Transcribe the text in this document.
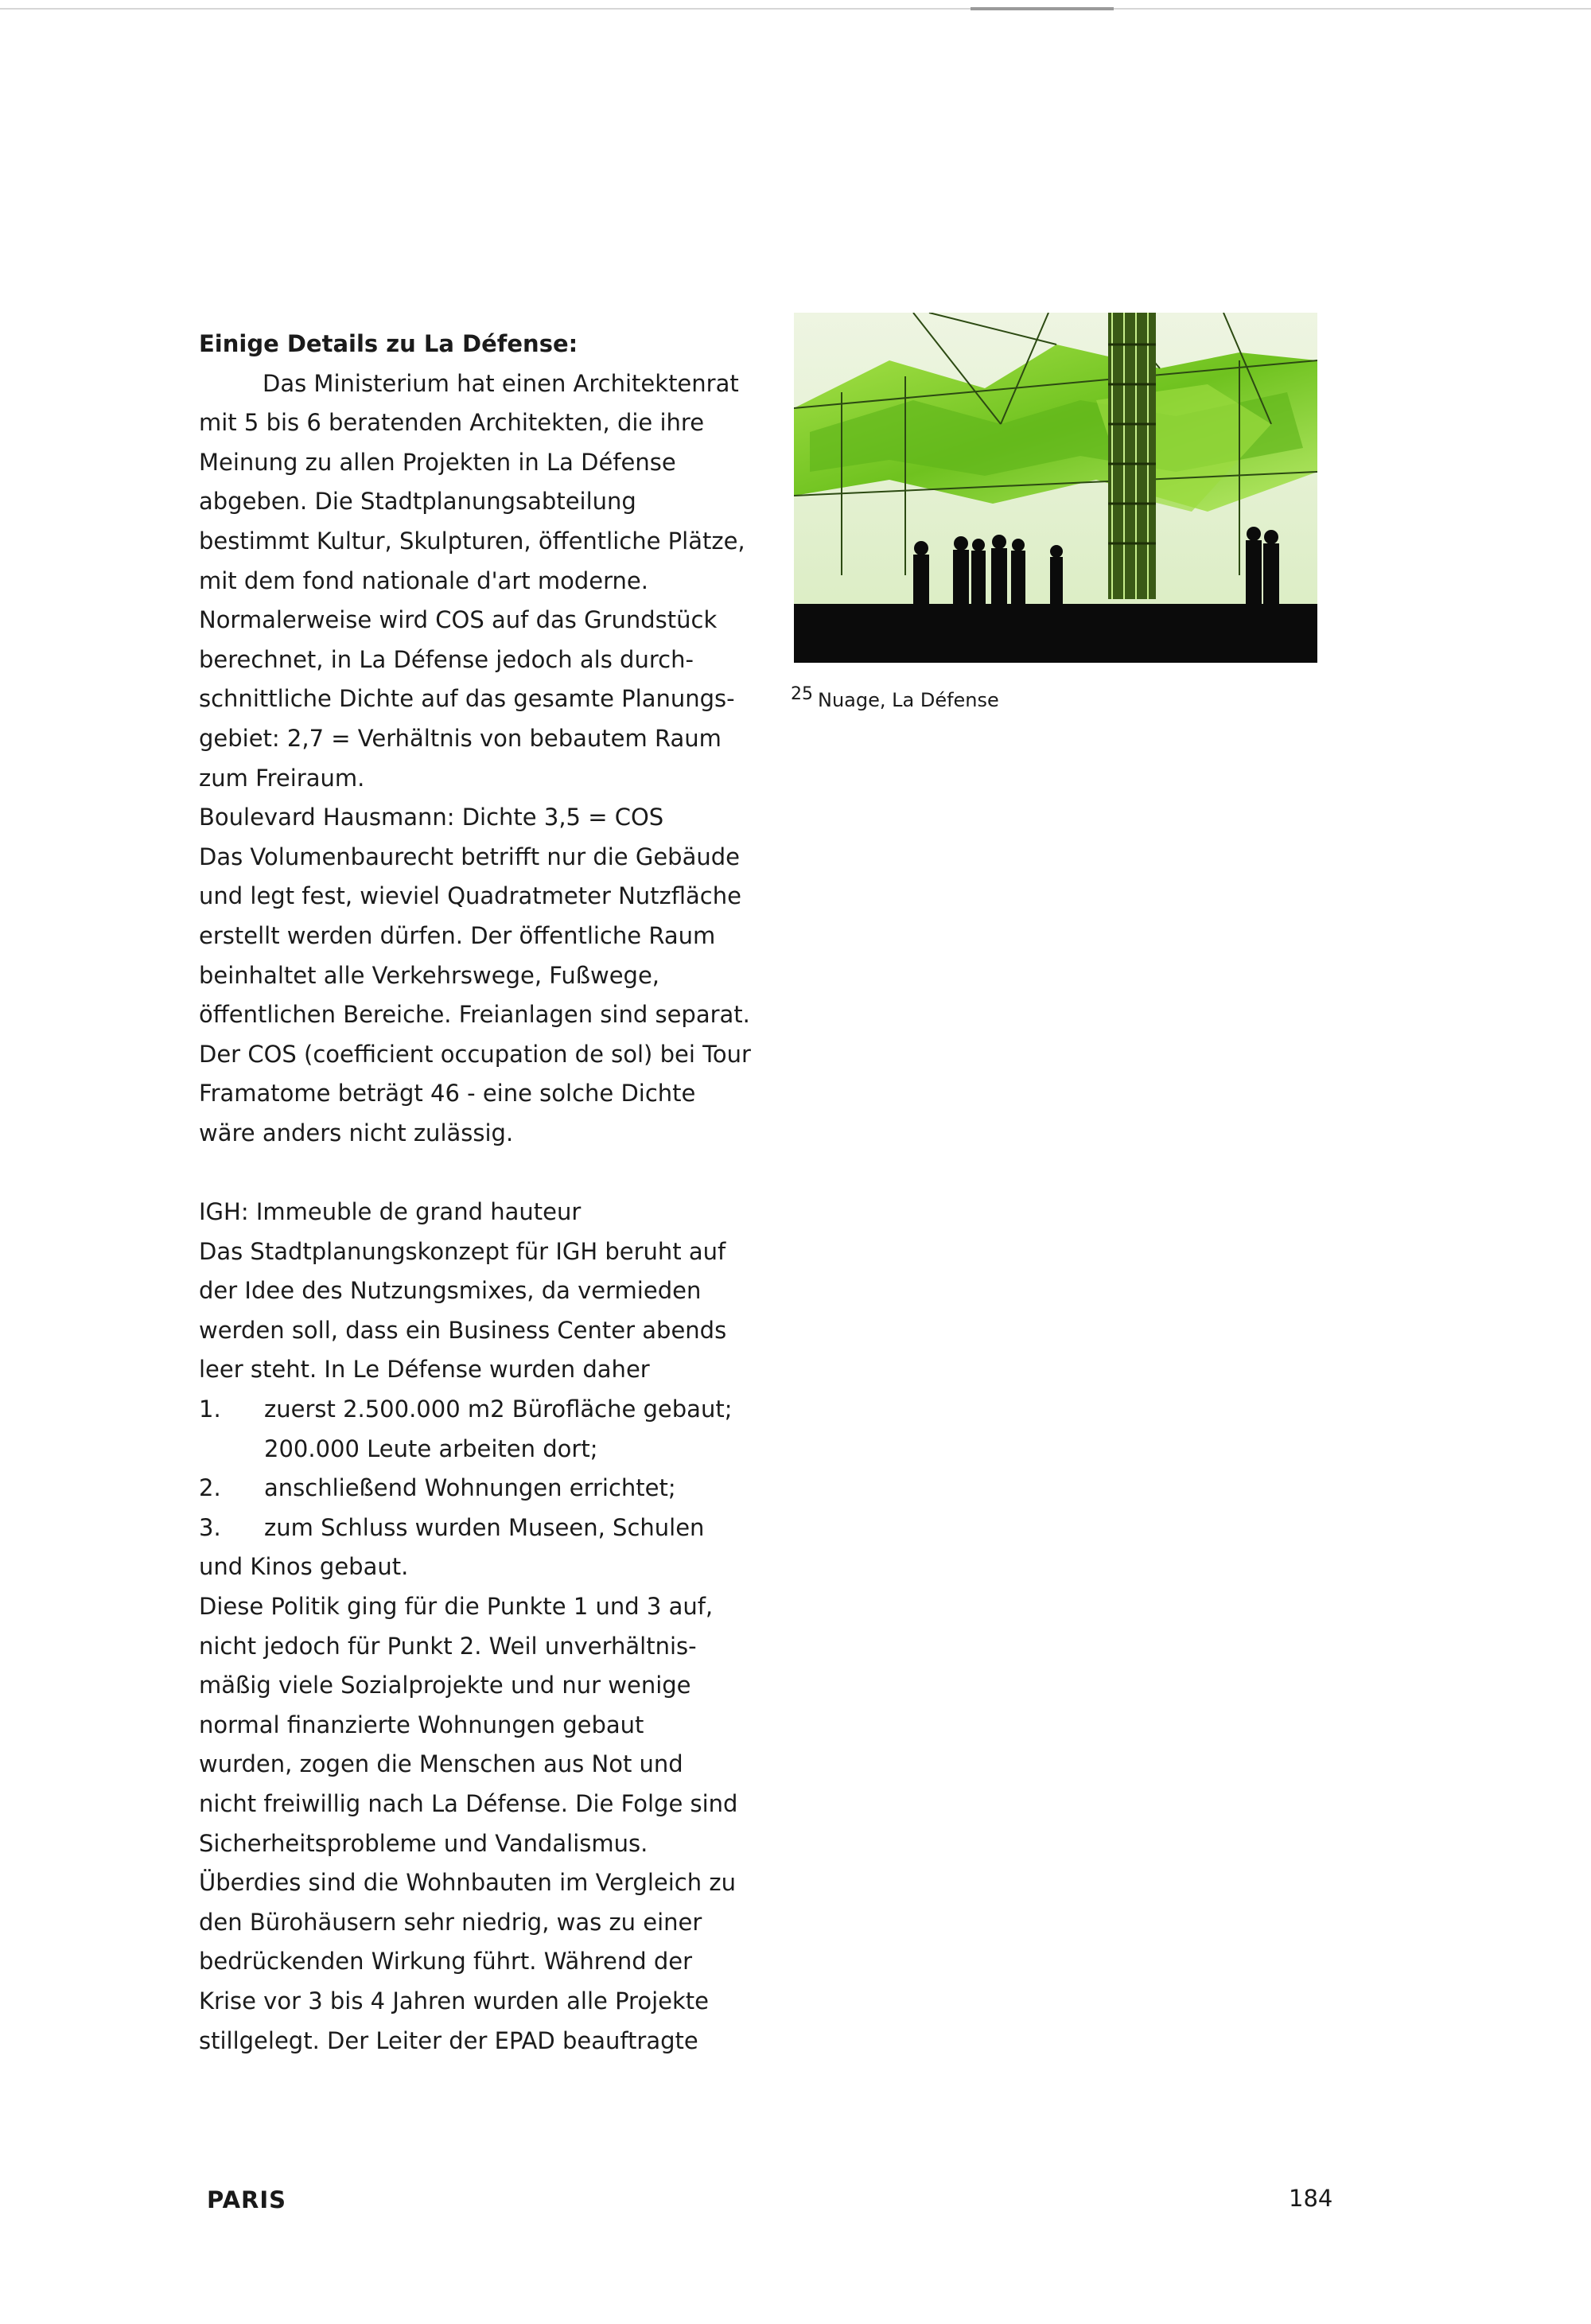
Einige Details zu La Défense:

Das Ministerium hat einen Architektenrat

mit 5 bis 6 beratenden Architekten, die ihre

Meinung zu allen Projekten in La Défense

abgeben. Die Stadtplanungsabteilung

bestimmt Kultur, Skulpturen, öffentliche Plätze,

mit dem fond nationale d'art moderne.

Normalerweise wird COS auf das Grundstück

berechnet, in La Défense jedoch als durch-

schnittliche Dichte auf das gesamte Planungs-

gebiet: 2,7 = Verhältnis von bebautem Raum

zum Freiraum.

Boulevard Hausmann: Dichte 3,5 = COS

Das Volumenbaurecht betrifft nur die Gebäude

und legt fest, wieviel Quadratmeter Nutzfläche

erstellt werden dürfen. Der öffentliche Raum

beinhaltet alle Verkehrswege, Fußwege,

öffentlichen Bereiche. Freianlagen sind separat.

Der COS (coefficient occupation de sol) bei Tour

Framatome beträgt 46 - eine solche Dichte

wäre anders nicht zulässig.

IGH: Immeuble de grand hauteur

Das Stadtplanungskonzept für IGH beruht auf

der Idee des Nutzungsmixes, da vermieden

werden soll, dass ein Business Center abends

leer steht. In Le Défense wurden daher

1.	zuerst 2.500.000 m2 Bürofläche gebaut;
200.000 Leute arbeiten dort;
2.	anschließend Wohnungen errichtet;
3.	zum Schluss wurden Museen, Schulen

und Kinos gebaut.

Diese Politik ging für die Punkte 1 und 3 auf,

nicht jedoch für Punkt 2. Weil unverhältnis-

mäßig viele Sozialprojekte und nur wenige

normal finanzierte Wohnungen gebaut

wurden, zogen die Menschen aus Not und

nicht freiwillig nach La Défense. Die Folge sind

Sicherheitsprobleme und Vandalismus.

Überdies sind die Wohnbauten im Vergleich zu

den Bürohäusern sehr niedrig, was zu einer

bedrückenden Wirkung führt. Während der

Krise vor 3 bis 4 Jahren wurden alle Projekte

stillgelegt. Der Leiter der EPAD beauftragte

25 Nuage, La Défense
PARIS	184
